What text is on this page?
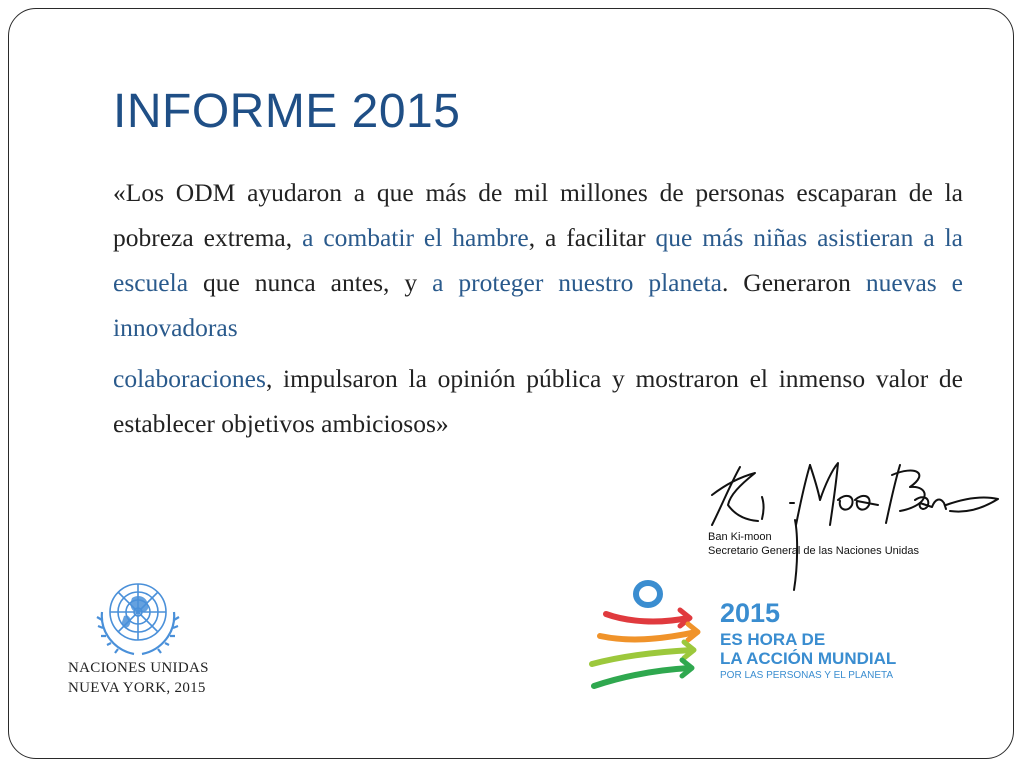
INFORME 2015

«Los ODM ayudaron a que más de mil millones de personas escaparan de la pobreza extrema, a combatir el hambre, a facilitar que más niñas asistieran a la escuela que nunca antes, y a proteger nuestro planeta. Generaron nuevas e innovadoras
colaboraciones, impulsaron la opinión pública y mostraron el inmenso valor de establecer objetivos ambiciosos»

Ban Ki-moon
Secretario General de las Naciones Unidas
NACIONES UNIDAS
NUEVA YORK, 2015
2015
ES HORA DE
LA ACCIÓN MUNDIAL
POR LAS PERSONAS Y EL PLANETA
